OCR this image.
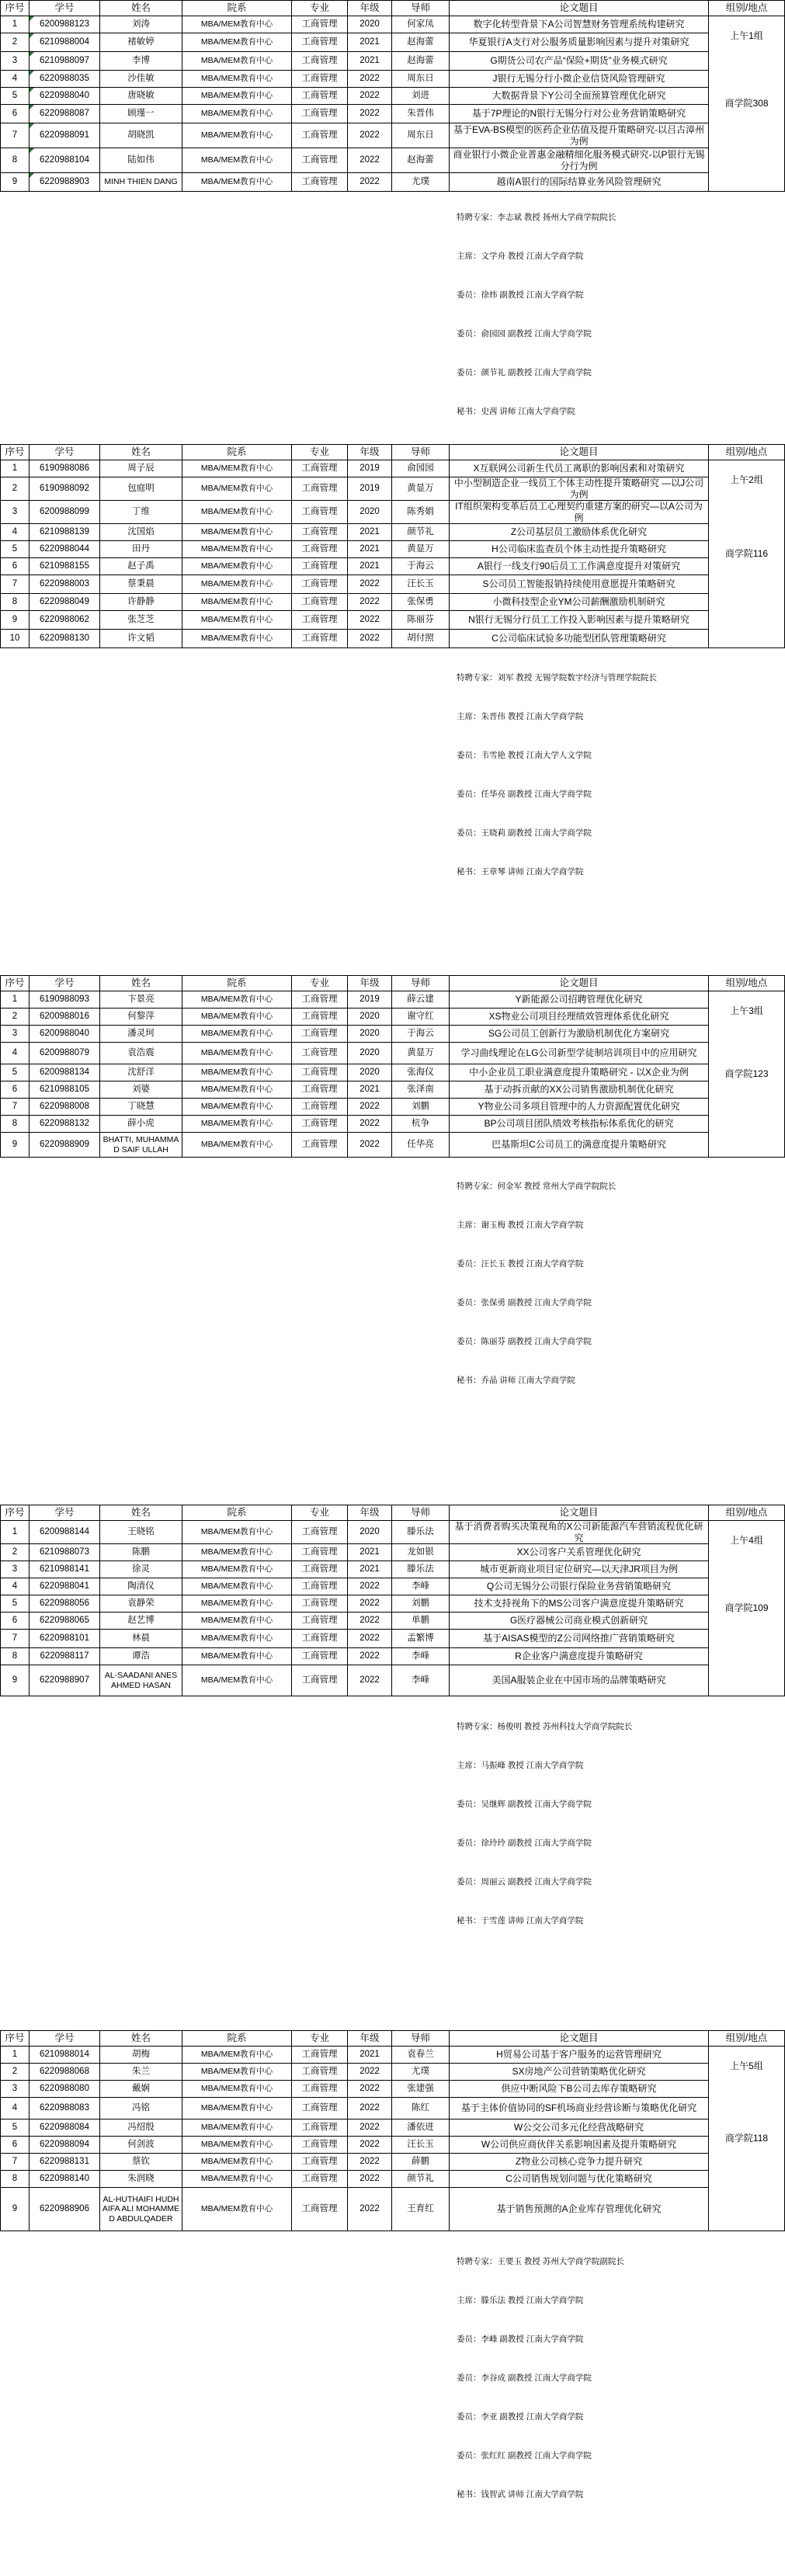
序号	学号	姓名	院系	专业	年级	导师	论文题目	组别/地点
1	6200988123	刘涛	MBA/MEM教育中心	工商管理	2020	何家凤	数字化转型背景下A公司智慧财务管理系统构建研究	上午1组
商学院308

2	6210988004	褚敏婷	MBA/MEM教育中心	工商管理	2021	赵海蕾	华夏银行A支行对公服务质量影响因素与提升对策研究	
3	6210988097	李博	MBA/MEM教育中心	工商管理	2021	赵海蕾	G期货公司农产品“保险+期货”业务模式研究	
4	6220988035	沙佳敏	MBA/MEM教育中心	工商管理	2022	周东日	J银行无锡分行小微企业信贷风险管理研究	
5	6220988040	唐晓敏	MBA/MEM教育中心	工商管理	2022	刘进	大数据背景下Y公司全面预算管理优化研究	
6	6220988087	顾瑾一	MBA/MEM教育中心	工商管理	2022	朱晋伟	基于7P理论的N银行无锡分行对公业务营销策略研究	
7	6220988091	胡晓凯	MBA/MEM教育中心	工商管理	2022	周东日	基于EVA-BS模型的医药企业估值及提升策略研究-以吕古漳州为例	
8	6220988104	陆如伟	MBA/MEM教育中心	工商管理	2022	赵海蕾	商业银行小微企业普惠金融精细化服务模式研究-以P银行无锡分行为例	
9	6220988903	MINH THIEN DANG	MBA/MEM教育中心	工商管理	2022	尤璞	越南A银行的国际结算业务风险管理研究	
特聘专家：李志斌 教授 扬州大学商学院院长
主席：文学舟 教授 江南大学商学院
委员：徐炜 副教授 江南大学商学院
委员：俞园园 副教授 江南大学商学院
委员：颜节礼 副教授 江南大学商学院
秘书：史茜 讲师 江南大学商学院
序号	学号	姓名	院系	专业	年级	导师	论文题目	组别/地点
1	6190988086	周子辰	MBA/MEM教育中心	工商管理	2019	俞园园	X互联网公司新生代员工离职的影响因素和对策研究	上午2组
商学院116

2	6190988092	包庭明	MBA/MEM教育中心	工商管理	2019	黄显万	中小型制造企业一线员工个体主动性提升策略研究 —以J公司为例	
3	6200988099	丁维	MBA/MEM教育中心	工商管理	2020	陈秀娟	IT组织架构变革后员工心理契约重建方案的研究—以A公司为例	
4	6210988139	沈国焰	MBA/MEM教育中心	工商管理	2021	颜节礼	Z公司基层员工激励体系优化研究	
5	6220988044	田丹	MBA/MEM教育中心	工商管理	2021	黄显万	H公司临床监查员个体主动性提升策略研究	
6	6210988155	赵子禹	MBA/MEM教育中心	工商管理	2021	于海云	A银行一线支行90后员工工作满意度提升对策研究	
7	6220988003	蔡秉晨	MBA/MEM教育中心	工商管理	2022	汪长玉	S公司员工智能报销持续使用意愿提升策略研究	
8	6220988049	许静静	MBA/MEM教育中心	工商管理	2022	张保勇	小微科技型企业YM公司薪酬激励机制研究	
9	6220988062	张芝芝	MBA/MEM教育中心	工商管理	2022	陈丽芬	N银行无锡分行员工工作投入影响因素与提升策略研究	
10	6220988130	许文韬	MBA/MEM教育中心	工商管理	2022	胡付照	C公司临床试验多功能型团队管理策略研究	
特聘专家：刘军 教授 无锡学院数字经济与管理学院院长
主席：朱晋伟 教授 江南大学商学院
委员：韦雪艳 教授 江南大学人文学院
委员：任华亮 副教授 江南大学商学院
委员：王晓莉 副教授 江南大学商学院
秘书：王章琴 讲师 江南大学商学院
序号	学号	姓名	院系	专业	年级	导师	论文题目	组别/地点
1	6190988093	卞景亮	MBA/MEM教育中心	工商管理	2019	薛云建	Y新能源公司招聘管理优化研究	上午3组
商学院123

2	6200988016	何黎萍	MBA/MEM教育中心	工商管理	2020	谢守红	XS物业公司项目经理绩效管理体系优化研究	
3	6200988040	潘灵珂	MBA/MEM教育中心	工商管理	2020	于海云	SG公司员工创新行为激励机制优化方案研究	
4	6200988079	袁浩震	MBA/MEM教育中心	工商管理	2020	黄显万	学习曲线理论在LG公司新型学徒制培训项目中的应用研究	
5	6200988134	沈舒洋	MBA/MEM教育中心	工商管理	2020	张海仪	中小企业员工职业满意度提升策略研究 - 以X企业为例	
6	6210988105	刘婆	MBA/MEM教育中心	工商管理	2021	张泽南	基于动拆贡献的XX公司销售激励机制优化研究	
7	6220988008	丁晓慧	MBA/MEM教育中心	工商管理	2022	刘鹏	Y物业公司多项目管理中的人力资源配置优化研究	
8	6220988132	薛小虎	MBA/MEM教育中心	工商管理	2022	杭争	BP公司项目团队绩效考核指标体系优化的研究	
9	6220988909	BHATTI, MUHAMMAD SAIF ULLAH	MBA/MEM教育中心	工商管理	2022	任华亮	巴基斯坦C公司员工的满意度提升策略研究	
特聘专家：何金军 教授 常州大学商学院院长
主席：谢玉梅 教授 江南大学商学院
委员：汪长玉 教授 江南大学商学院
委员：张保勇 副教授 江南大学商学院
委员：陈丽芬 副教授 江南大学商学院
秘书：乔晶 讲师 江南大学商学院
序号	学号	姓名	院系	专业	年级	导师	论文题目	组别/地点
1	6200988144	王晓铭	MBA/MEM教育中心	工商管理	2020	滕乐法	基于消费者购买决策视角的X公司新能源汽车营销流程优化研究	上午4组
商学院109

2	6210988073	陈鹏	MBA/MEM教育中心	工商管理	2021	龙如银	XX公司客户关系管理优化研究	
3	6210988141	徐灵	MBA/MEM教育中心	工商管理	2021	滕乐法	城市更新商业项目定位研究—以天津JR项目为例	
4	6220988041	陶清仪	MBA/MEM教育中心	工商管理	2022	李峰	Q公司无锡分公司银行保险业务营销策略研究	
5	6220988056	袁静荣	MBA/MEM教育中心	工商管理	2022	刘鹏	技术支持视角下的MS公司客户满意度提升策略研究	
6	6220988065	赵艺博	MBA/MEM教育中心	工商管理	2022	单鹏	G医疗器械公司商业模式创新研究	
7	6220988101	林晨	MBA/MEM教育中心	工商管理	2022	孟繁博	基于AISAS模型的Z公司网络推广营销策略研究	
8	6220988117	谭浩	MBA/MEM教育中心	工商管理	2022	李峰	R企业客户满意度提升策略研究	
9	6220988907	AL-SAADANI ANES AHMED HASAN	MBA/MEM教育中心	工商管理	2022	李峰	美国A服装企业在中国市场的品牌策略研究	
特聘专家：杨俊明 教授 苏州科技大学商学院院长
主席：马振峰 教授 江南大学商学院
委员：吴继辉 副教授 江南大学商学院
委员：徐玲玲 副教授 江南大学商学院
委员：周丽云 副教授 江南大学商学院
秘书：于雪莲 讲师 江南大学商学院
序号	学号	姓名	院系	专业	年级	导师	论文题目	组别/地点
1	6210988014	胡梅	MBA/MEM教育中心	工商管理	2021	袁春兰	H贸易公司基于客户服务的运营管理研究	上午5组
商学院118

2	6220988068	朱兰	MBA/MEM教育中心	工商管理	2022	尤璞	SX房地产公司营销策略优化研究	
3	6220988080	戴娴	MBA/MEM教育中心	工商管理	2022	张建强	供应中断风险下B公司去库存策略研究	
4	6220988083	冯铭	MBA/MEM教育中心	工商管理	2022	陈红	基于主体价值协同的SF机场商业经营诊断与策略优化研究	
5	6220988084	冯绍殷	MBA/MEM教育中心	工商管理	2022	潘依进	W公交公司多元化经营战略研究	
6	6220988094	何剑波	MBA/MEM教育中心	工商管理	2022	汪长玉	W公司供应商伙伴关系影响因素及提升策略研究	
7	6220988131	蔡钦	MBA/MEM教育中心	工商管理	2022	薛鹏	Z物业公司核心竞争力提升研究	
8	6220988140	朱润晓	MBA/MEM教育中心	工商管理	2022	颜节礼	C公司销售规划问题与优化策略研究	
9	6220988906	AL-HUTHAIFI HUDHAIFA ALI MOHAMMED ABDULQADER	MBA/MEM教育中心	工商管理	2022	王育红	基于销售预测的A企业库存管理优化研究	
特聘专家：王要玉 教授 苏州大学商学院副院长
主席：滕乐法 教授 江南大学商学院
委员：李峰 副教授 江南大学商学院
委员：李谷成 副教授 江南大学商学院
委员：李亚 副教授 江南大学商学院
委员：张红红 副教授 江南大学商学院
秘书：钱智武 讲师 江南大学商学院
